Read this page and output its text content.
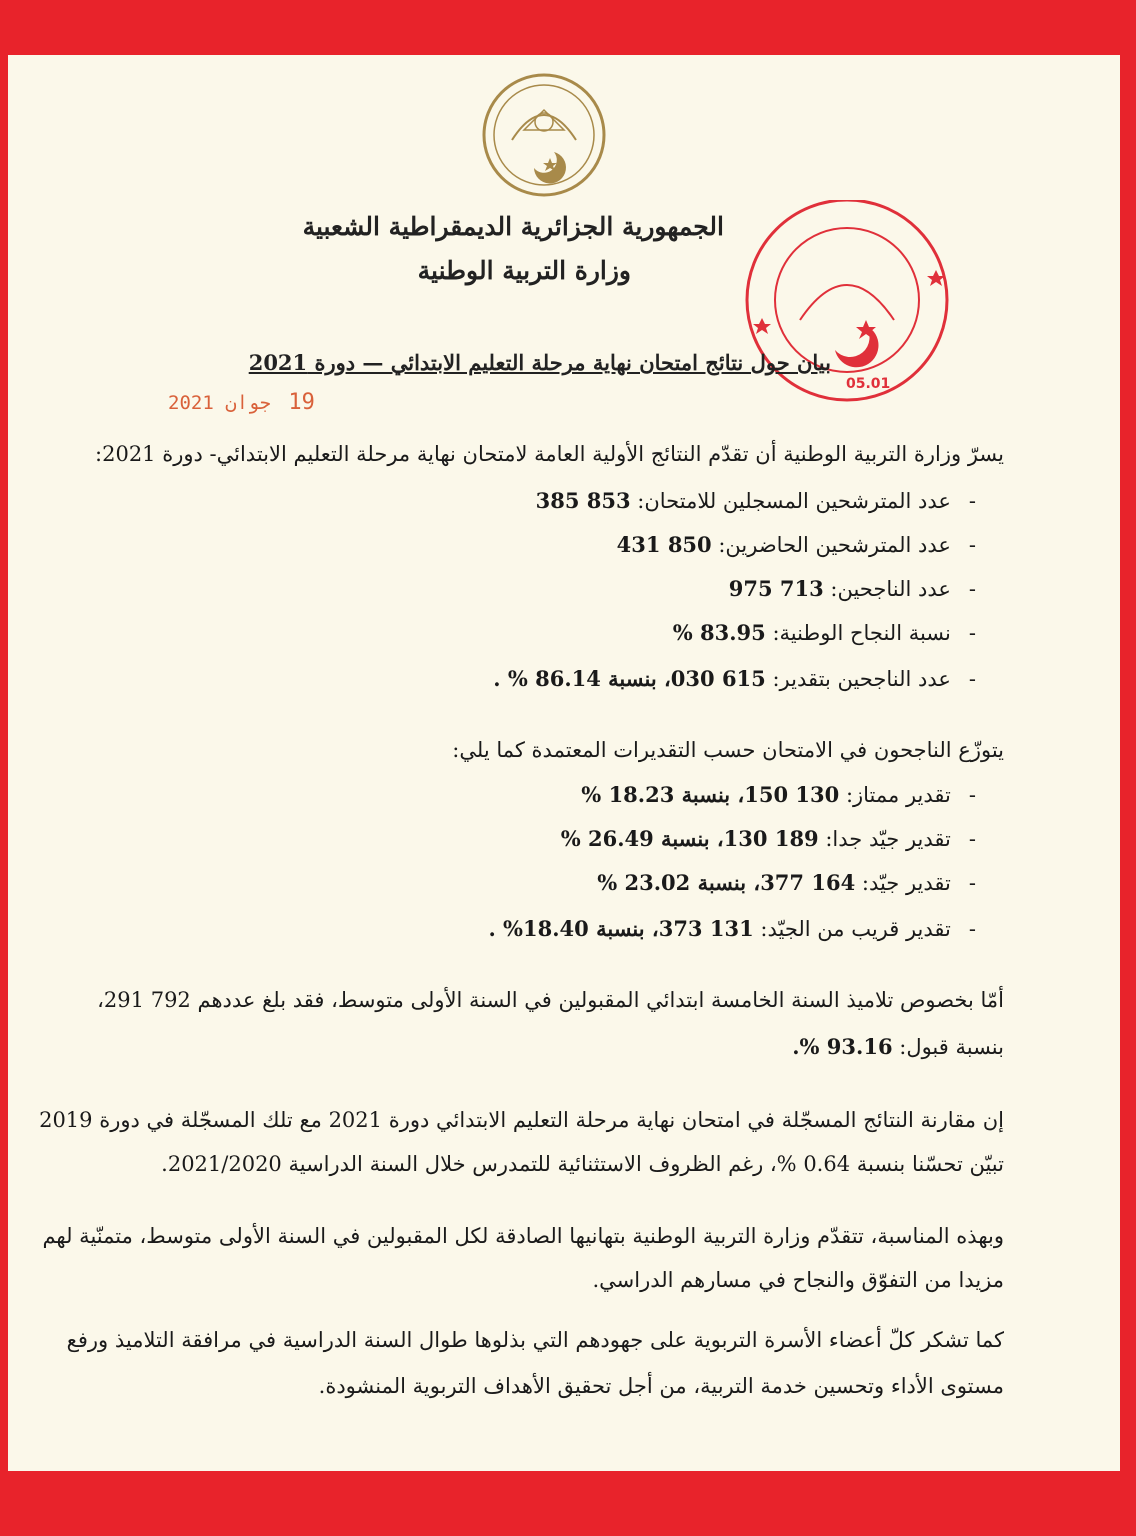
05.01
الجمهورية الجزائرية الديمقراطية الشعبية
وزارة التربية الوطنية
بيان حول نتائج امتحان نهاية مرحلة التعليم الابتدائي — دورة 2021
جوان 2021 19
يسرّ وزارة التربية الوطنية أن تقدّم النتائج الأولية العامة لامتحان نهاية مرحلة التعليم الابتدائي- دورة 2021:
-عدد المترشحين المسجلين للامتحان: 853 385
-عدد المترشحين الحاضرين: 850 431
-عدد الناجحين: 713 975
-نسبة النجاح الوطنية: 83.95 %
-عدد الناجحين بتقدير: 615 030، بنسبة 86.14 % .
يتوزّع الناجحون في الامتحان حسب التقديرات المعتمدة كما يلي:
-تقدير ممتاز: 130 150، بنسبة 18.23 %
-تقدير جيّد جدا: 189 130، بنسبة 26.49 %
-تقدير جيّد: 164 377، بنسبة 23.02 %
-تقدير قريب من الجيّد: 131 373، بنسبة 18.40% .
أمّا بخصوص تلاميذ السنة الخامسة ابتدائي المقبولين في السنة الأولى متوسط، فقد بلغ عددهم 792 291،
بنسبة قبول: 93.16 %.
إن مقارنة النتائج المسجّلة في امتحان نهاية مرحلة التعليم الابتدائي دورة 2021 مع تلك المسجّلة في دورة 2019
تبيّن تحسّنا بنسبة 0.64 %، رغم الظروف الاستثنائية للتمدرس خلال السنة الدراسية 2021/2020.
وبهذه المناسبة، تتقدّم وزارة التربية الوطنية بتهانيها الصادقة لكل المقبولين في السنة الأولى متوسط، متمنّية لهم
مزيدا من التفوّق والنجاح في مسارهم الدراسي.
كما تشكر كلّ أعضاء الأسرة التربوية على جهودهم التي بذلوها طوال السنة الدراسية في مرافقة التلاميذ ورفع
مستوى الأداء وتحسين خدمة التربية، من أجل تحقيق الأهداف التربوية المنشودة.
